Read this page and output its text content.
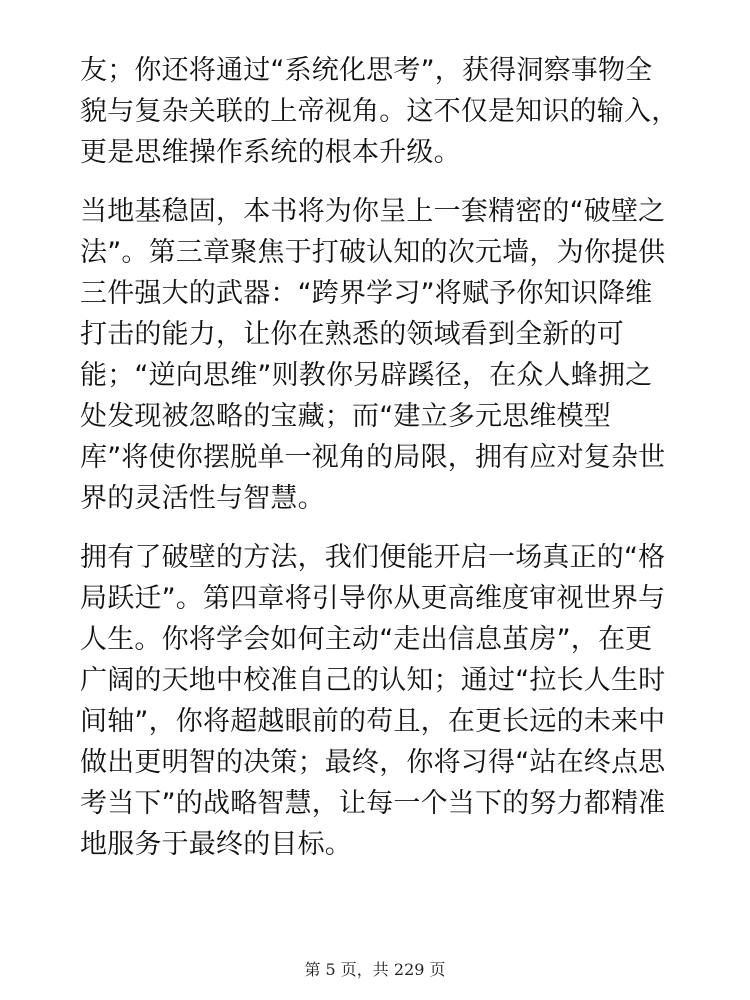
友；你还将通过“系统化思考”，获得洞察事物全
貌与复杂关联的上帝视角。这不仅是知识的输入，
更是思维操作系统的根本升级。

当地基稳固，本书将为你呈上一套精密的“破壁之
法”。第三章聚焦于打破认知的次元墙，为你提供
三件强大的武器：“跨界学习”将赋予你知识降维
打击的能力，让你在熟悉的领域看到全新的可
能；“逆向思维”则教你另辟蹊径，在众人蜂拥之
处发现被忽略的宝藏；而“建立多元思维模型
库”将使你摆脱单一视角的局限，拥有应对复杂世
界的灵活性与智慧。

拥有了破壁的方法，我们便能开启一场真正的“格
局跃迁”。第四章将引导你从更高维度审视世界与
人生。你将学会如何主动“走出信息茧房”，在更
广阔的天地中校准自己的认知；通过“拉长人生时
间轴”，你将超越眼前的苟且，在更长远的未来中
做出更明智的决策；最终，你将习得“站在终点思
考当下”的战略智慧，让每一个当下的努力都精准
地服务于最终的目标。

第 5 页，共 229 页
